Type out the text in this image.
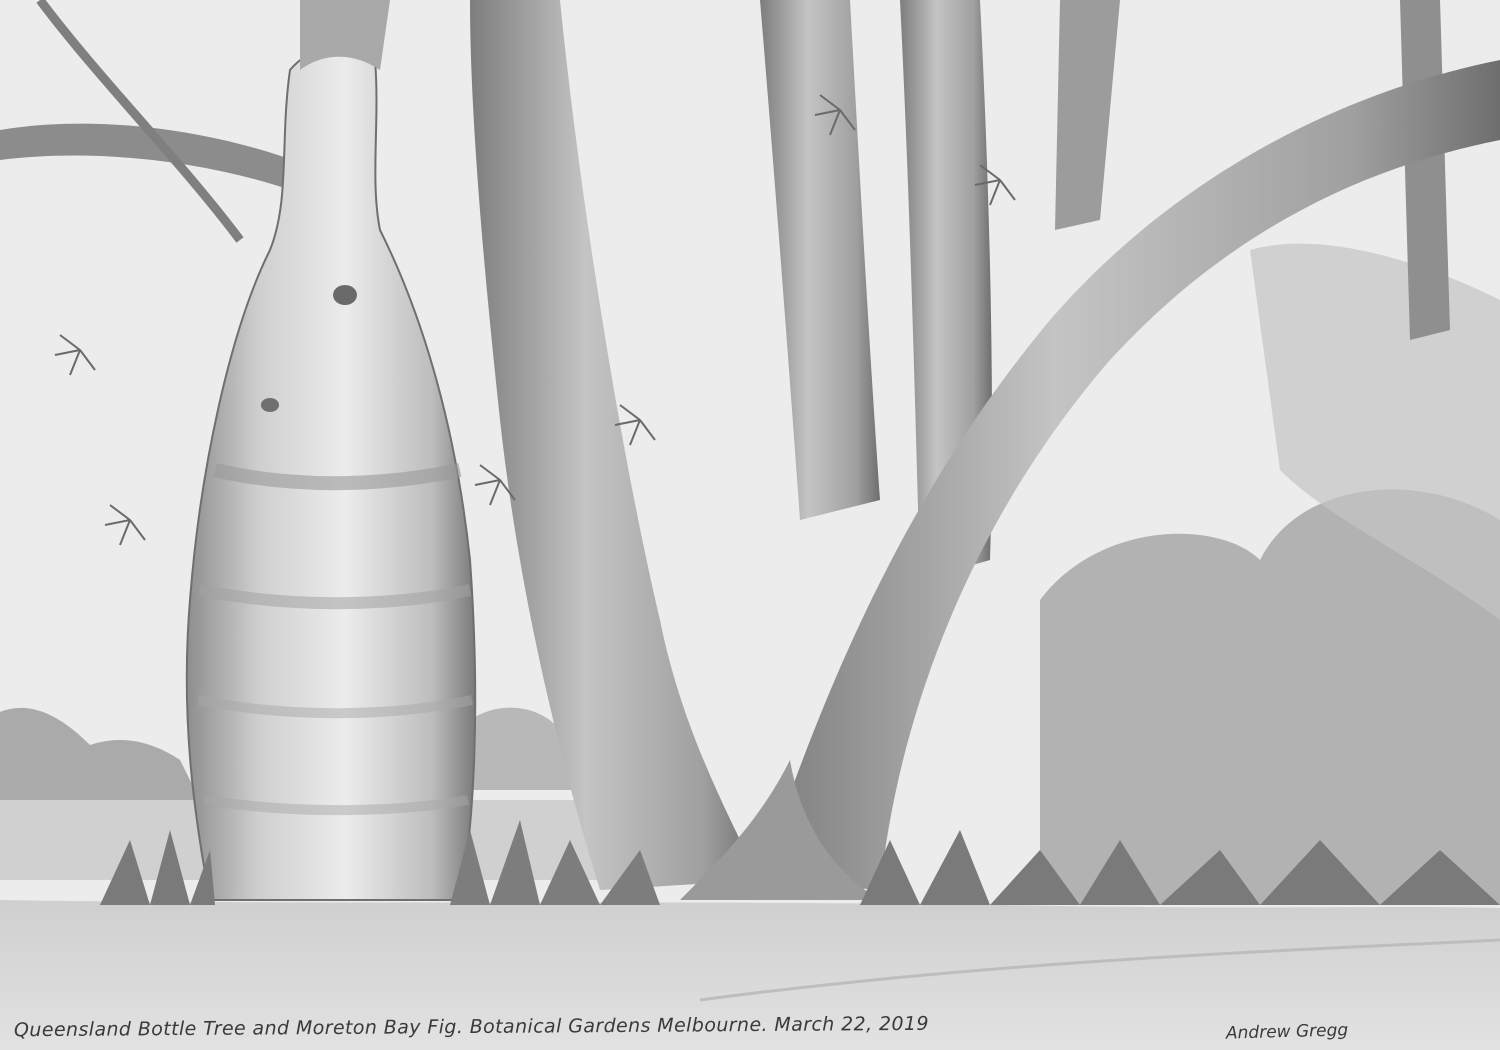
Queensland Bottle Tree and Moreton Bay Fig. Botanical Gardens Melbourne. March 22, 2019	Andrew Gregg
